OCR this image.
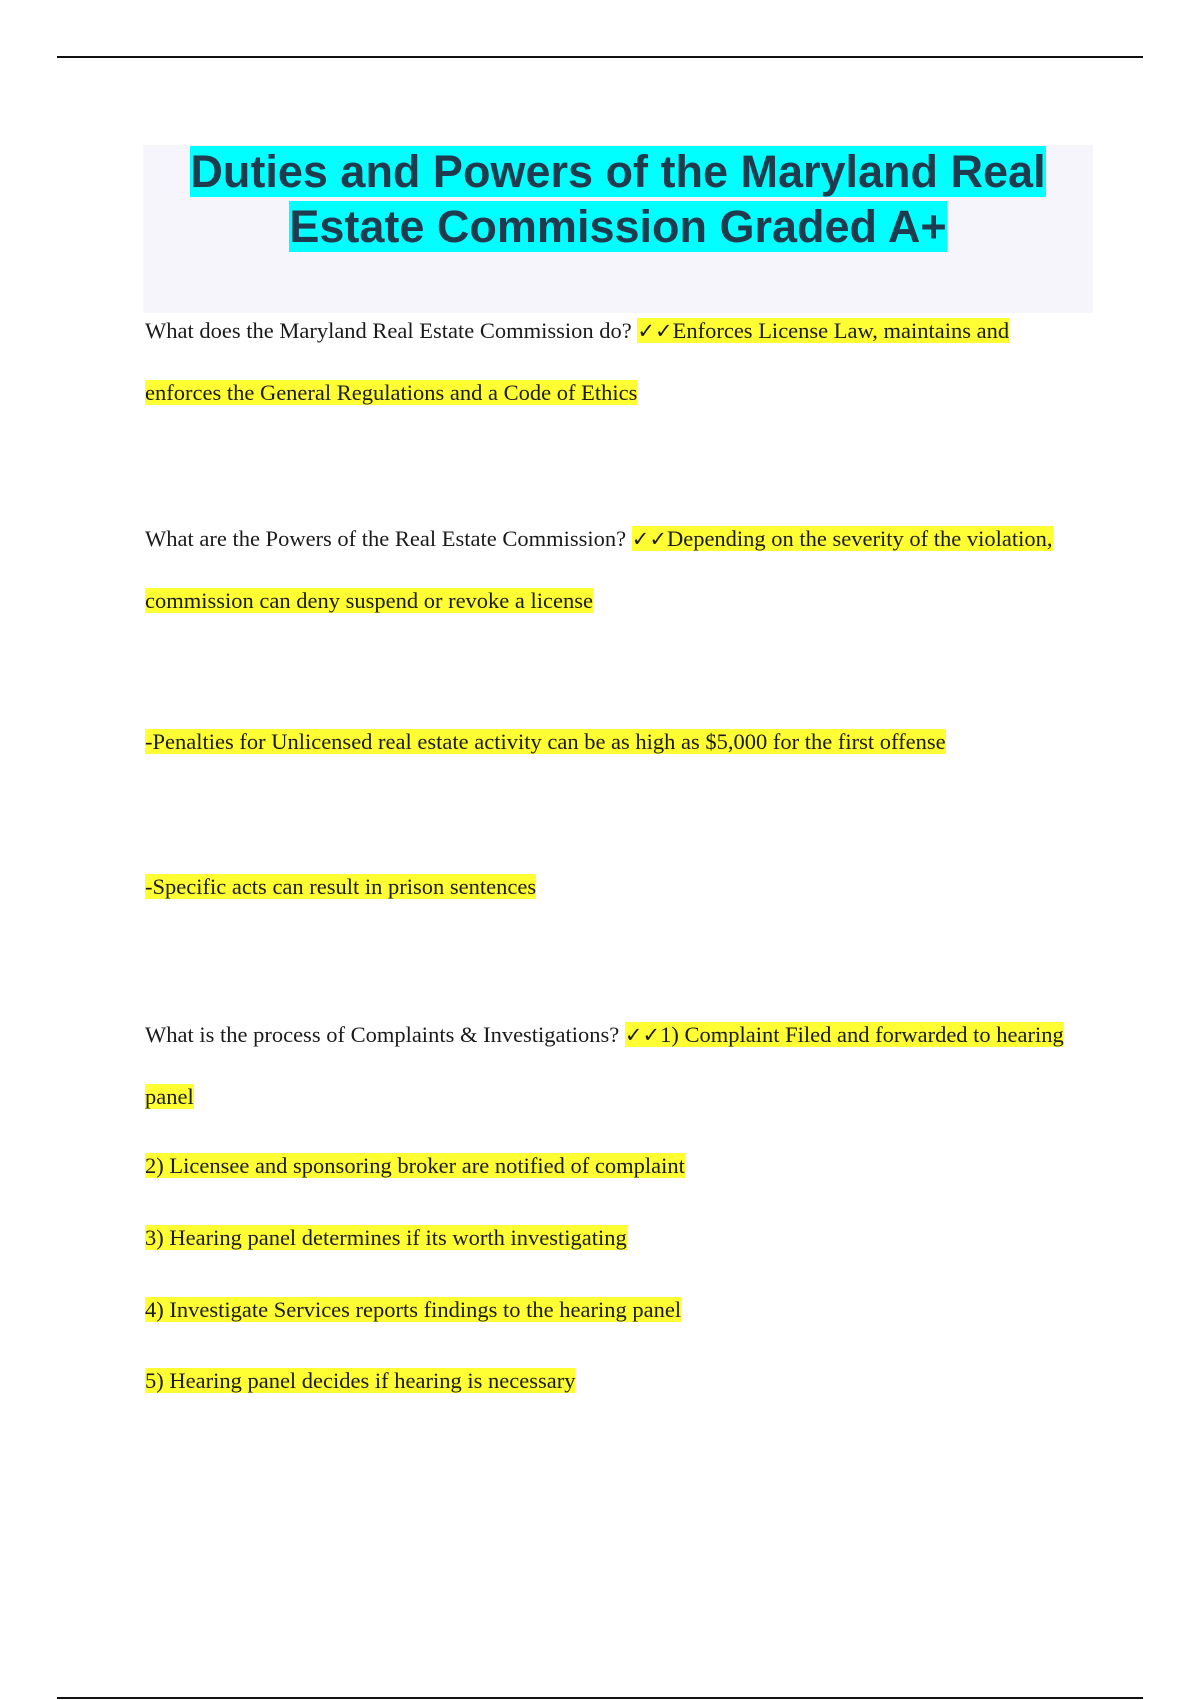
Duties and Powers of the Maryland Real Estate Commission Graded A+

What does the Maryland Real Estate Commission do? ✓✓Enforces License Law, maintains and enforces the General Regulations and a Code of Ethics

What are the Powers of the Real Estate Commission? ✓✓Depending on the severity of the violation, commission can deny suspend or revoke a license

-Penalties for Unlicensed real estate activity can be as high as $5,000 for the first offense

-Specific acts can result in prison sentences

What is the process of Complaints & Investigations? ✓✓1) Complaint Filed and forwarded to hearing panel

2) Licensee and sponsoring broker are notified of complaint

3) Hearing panel determines if its worth investigating

4) Investigate Services reports findings to the hearing panel

5) Hearing panel decides if hearing is necessary
